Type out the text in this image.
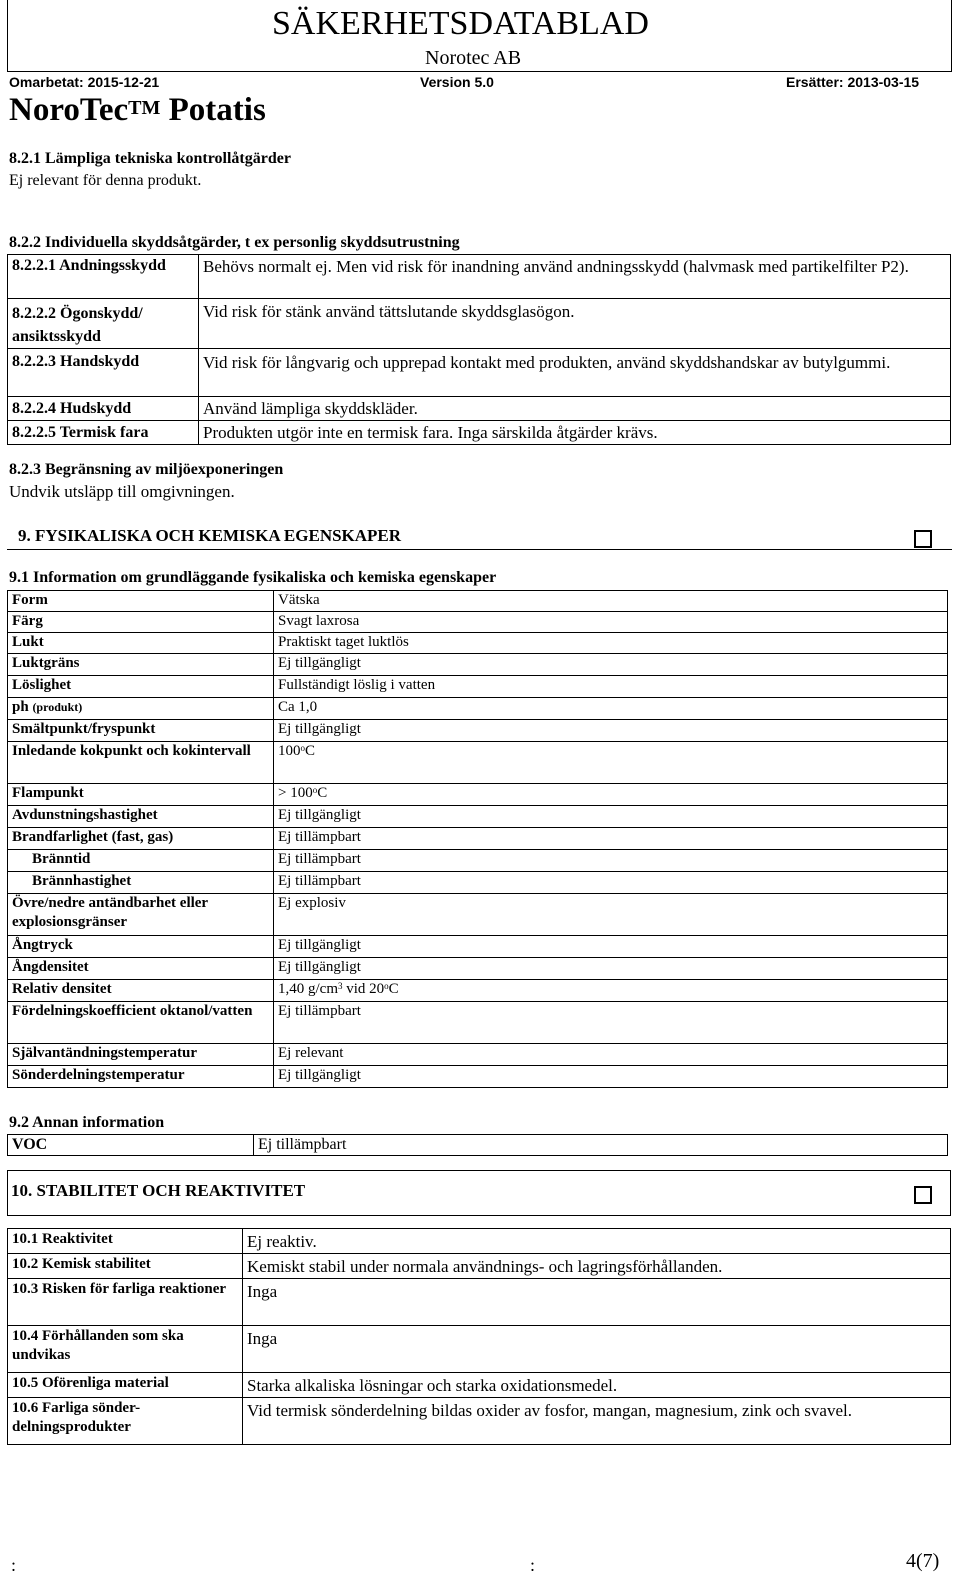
SÄKERHETSDATABLAD
Norotec AB
Omarbetat: 2015-12-21	Version 5.0	Ersätter: 2013-03-15
NoroTec™ Potatis
8.2.1 Lämpliga tekniska kontrollåtgärder
Ej relevant för denna produkt.
8.2.2 Individuella skyddsåtgärder, t ex personlig skyddsutrustning
8.2.2.1 Andningsskydd	Behövs normalt ej. Men vid risk för inandning använd andningsskydd (halvmask med partikelfilter P2).
8.2.2.2 Ögonskydd/ ansiktsskydd	Vid risk för stänk använd tättslutande skyddsglasögon.
8.2.2.3 Handskydd	Vid risk för långvarig och upprepad kontakt med produkten, använd skyddshandskar av butylgummi.
8.2.2.4 Hudskydd	Använd lämpliga skyddskläder.
8.2.2.5 Termisk fara	Produkten utgör inte en termisk fara. Inga särskilda åtgärder krävs.
8.2.3 Begränsning av miljöexponeringen
Undvik utsläpp till omgivningen.
9. FYSIKALISKA OCH KEMISKA EGENSKAPER
9.1 Information om grundläggande fysikaliska och kemiska egenskaper
Form	Vätska
Färg	Svagt laxrosa
Lukt	Praktiskt taget luktlös
Luktgräns	Ej tillgängligt
Löslighet	Fullständigt löslig i vatten
ph (produkt)	Ca 1,0
Smältpunkt/fryspunkt	Ej tillgängligt
Inledande kokpunkt och kokintervall	100$^o$C
Flampunkt	> $100^oC$
Avdunstningshastighet	Ej tillgängligt
Brandfarlighet (fast, gas)	Ej tillämpbart
Bränntid	Ej tillämpbart
Brännhastighet	Ej tillämpbart
Övre/nedre antändbarhet eller explosionsgränser	Ej explosiv
Ångtryck	Ej tillgängligt
Ångdensitet	Ej tillgängligt
Relativ densitet	1,40 $g/cm^3$ vid 20$^o$C
Fördelningskoefficient oktanol/vatten	Ej tillämpbart
Självantändningstemperatur	Ej relevant
Sönderdelningstemperatur	Ej tillgängligt
9.2 Annan information
VOC	Ej tillämpbart
10. STABILITET OCH REAKTIVITET
10.1 Reaktivitet	Ej reaktiv.
10.2 Kemisk stabilitet	Kemiskt stabil under normala användnings- och lagringsförhållanden.
10.3 Risken för farliga reaktioner	Inga
10.4 Förhållanden som ska undvikas	Inga
10.5 Oförenliga material	Starka alkaliska lösningar och starka oxidationsmedel.
10.6 Farliga sönder-delningsprodukter	Vid termisk sönderdelning bildas oxider av fosfor, mangan, magnesium, zink och svavel.
:	:	4(7)
